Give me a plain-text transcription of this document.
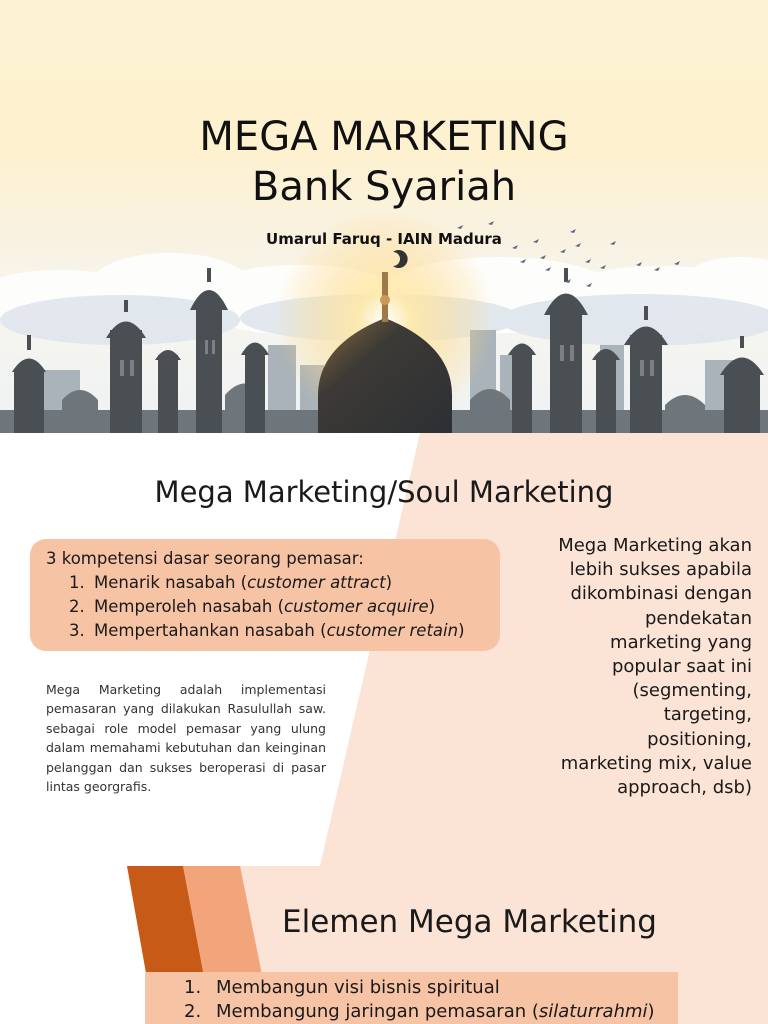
MEGA MARKETING
Bank Syariah
Umarul Faruq - IAIN Madura
Mega Marketing/Soul Marketing
3 kompetensi dasar seorang pemasar:
1. Menarik nasabah (customer attract)
2. Memperoleh nasabah (customer acquire)
3. Mempertahankan nasabah (customer retain)
Mega Marketing adalah implementasi pemasaran yang dilakukan Rasulullah saw. sebagai role model pemasar yang ulung dalam memahami kebutuhan dan keinginan pelanggan dan sukses beroperasi di pasar lintas georgrafis.
Mega Marketing akan
lebih sukses apabila
dikombinasi dengan
pendekatan
marketing yang
popular saat ini
(segmenting,
targeting,
positioning,
marketing mix, value
approach, dsb)
Elemen Mega Marketing
1. Membangun visi bisnis spiritual
2. Membangung jaringan pemasaran (silaturrahmi)
